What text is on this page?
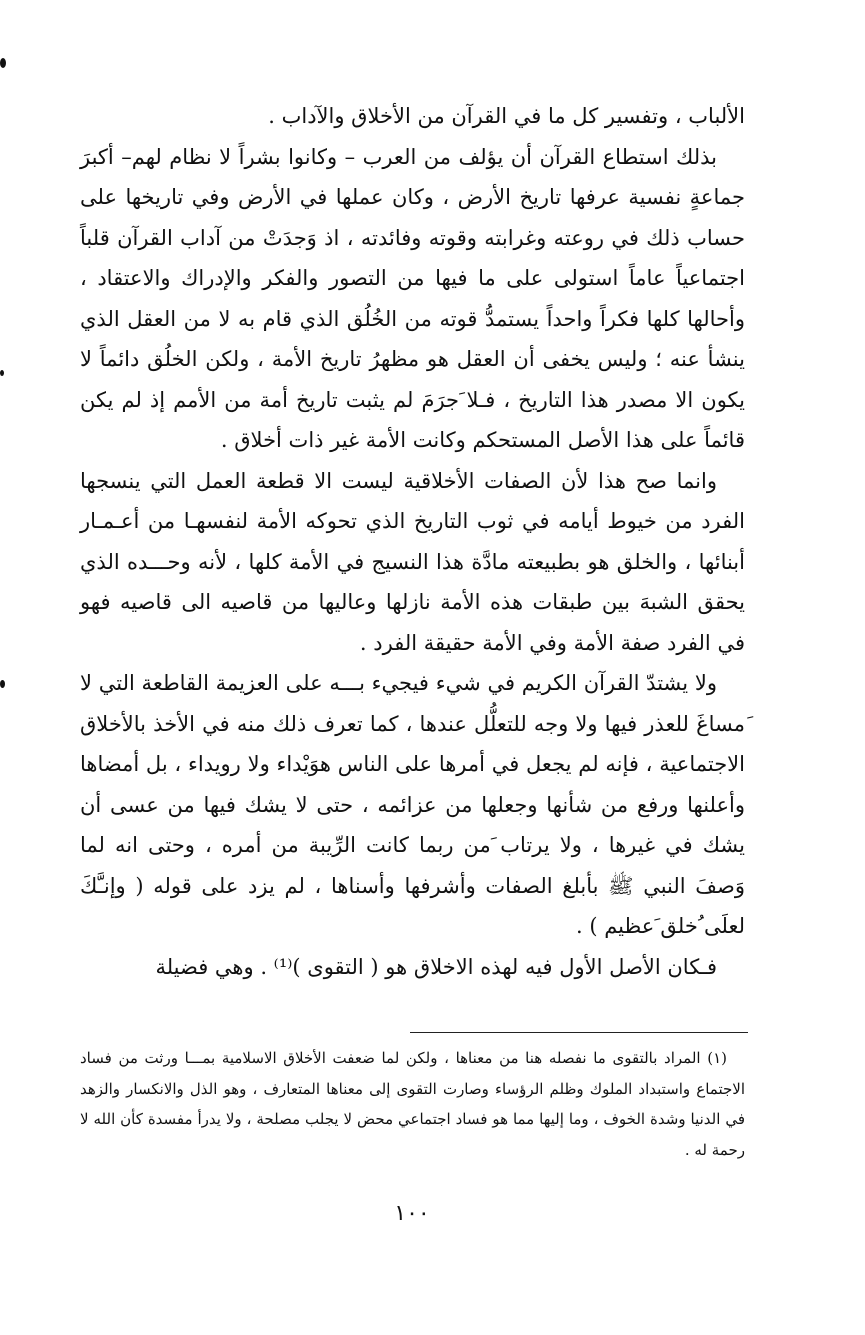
الألباب ، وتفسير كل ما في القرآن من الأخلاق والآداب .

بذلك استطاع القرآن أن يؤلف من العرب – وكانوا بشراً لا نظام لهم– أكبرَ جماعةٍ نفسية عرفها تاريخ الأرض ، وكان عملها في الأرض وفي تاريخها على حساب ذلك في روعته وغرابته وقوته وفائدته ، اذ وَجدَتْ من آداب القرآن قلباً اجتماعياً عاماً استولى على ما فيها من التصور والفكر والإدراك والاعتقاد ، وأحالها كلها فكراً واحداً يستمدُّ قوته من الخُلُق الذي قام به لا من العقل الذي ينشأ عنه ؛ وليس يخفى أن العقل هو مظهرُ تاريخ الأمة ، ولكن الخلُق دائماً لا يكون الا مصدر هذا التاريخ ، فـلا َجرَمَ لم يثبت تاريخ أمة من الأمم إذ لم يكن قائماً على هذا الأصل المستحكم وكانت الأمة غير ذات أخلاق .

وانما صح هذا لأن الصفات الأخلاقية ليست الا قطعة العمل التي ينسجها الفرد من خيوط أيامه في ثوب التاريخ الذي تحوكه الأمة لنفسهـا من أعـمـار أبنائها ، والخلق هو بطبيعته مادَّة هذا النسيج في الأمة كلها ، لأنه وحـــده الذي يحقق الشبهَ بين طبقات هذه الأمة نازلها وعاليها من قاصيه الى قاصيه فهو في الفرد صفة الأمة وفي الأمة حقيقة الفرد .

ولا يشتدّ القرآن الكريم في شيء فيجيء بـــه على العزيمة القاطعة التي لا َمساغَ للعذر فيها ولا وجه للتعلُّل عندها ، كما تعرف ذلك منه في الأخذ بالأخلاق الاجتماعية ، فإنه لم يجعل في أمرها على الناس هوَيْداء ولا رويداء ، بل أمضاها وأعلنها ورفع من شأنها وجعلها من عزائمه ، حتى لا يشك فيها من عسى أن يشك في غيرها ، ولا يرتاب َمن ربما كانت الرِّيبة من أمره ، وحتى انه لما وَصفَ النبي ﷺ بأبلغ الصفات وأشرفها وأسناها ، لم يزد على قوله ( وإنـَّكَ لعلَى ُخلق َعظيم ) .

فـكان الأصل الأول فيه لهذه الاخلاق هو ( التقوى )⁽¹⁾ . وهي فضيلة

(١) المراد بالتقوى ما نفصله هنا من معناها ، ولكن لما ضعفت الأخلاق الاسلامية بمـــا ورثت من فساد الاجتماع واستبداد الملوك وظلم الرؤساء وصارت التقوى إلى معناها المتعارف ، وهو الذل والانكسار والزهد في الدنيا وشدة الخوف ، وما إليها مما هو فساد اجتماعي محض لا يجلب مصلحة ، ولا يدرأ مفسدة كأن الله لا رحمة له .

١٠٠
